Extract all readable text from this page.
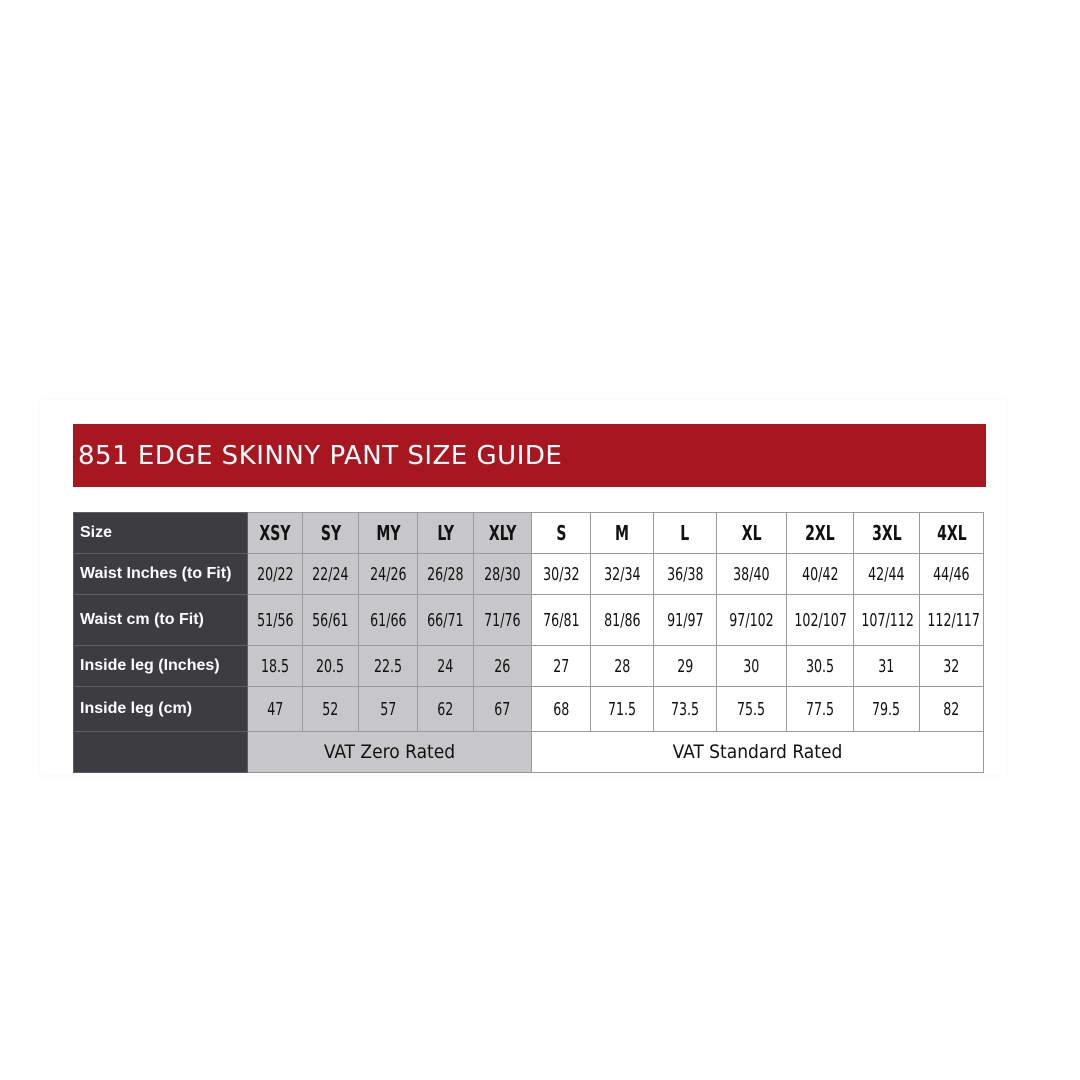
851 EDGE SKINNY PANT SIZE GUIDE
Size	XSY	SY	MY	LY	XLY	S	M	L	XL	2XL	3XL	4XL
Waist Inches (to Fit)	20/22	22/24	24/26	26/28	28/30	30/32	32/34	36/38	38/40	40/42	42/44	44/46
Waist cm (to Fit)	51/56	56/61	61/66	66/71	71/76	76/81	81/86	91/97	97/102	102/107	107/112	112/117
Inside leg (Inches)	18.5	20.5	22.5	24	26	27	28	29	30	30.5	31	32
Inside leg (cm)	47	52	57	62	67	68	71.5	73.5	75.5	77.5	79.5	82
	VAT Zero Rated					VAT Standard Rated						
